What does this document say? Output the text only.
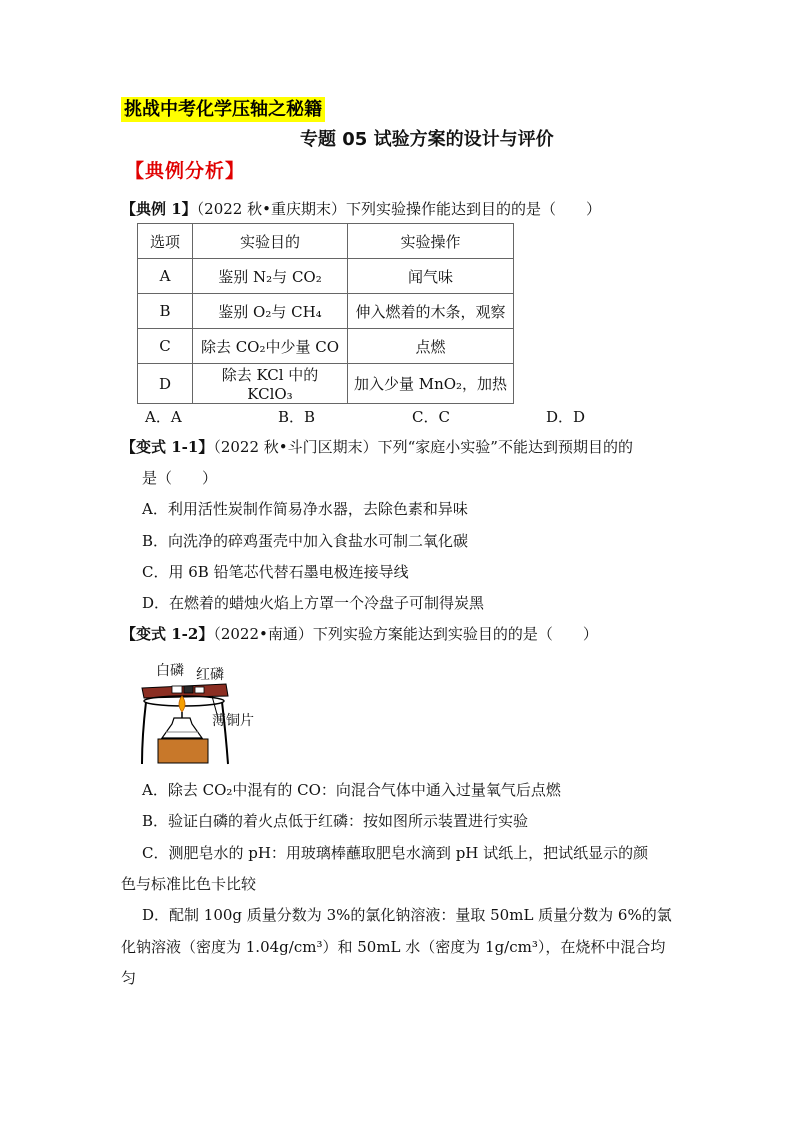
挑战中考化学压轴之秘籍
专题 05 试验方案的设计与评价
【典例分析】
【典例 1】（2022 秋•重庆期末）下列实验操作能达到目的的是（　　）
选项	实验目的	实验操作
A	鉴别 N₂与 CO₂	闻气味
B	鉴别 O₂与 CH₄	伸入燃着的木条，观察
C	除去 CO₂中少量 CO	点燃
D	除去 KCl 中的 KClO₃	加入少量 MnO₂，加热
A．A	B．B	C．C	D．D
【变式 1-1】（2022 秋•斗门区期末）下列“家庭小实验”不能达到预期目的的
是（　　）
A．利用活性炭制作简易净水器，去除色素和异味
B．向洗净的碎鸡蛋壳中加入食盐水可制二氧化碳
C．用 6B 铅笔芯代替石墨电极连接导线
D．在燃着的蜡烛火焰上方罩一个冷盘子可制得炭黑
【变式 1-2】（2022•南通）下列实验方案能达到实验目的的是（　　）
白磷 红磷
薄铜片
A．除去 CO₂中混有的 CO：向混合气体中通入过量氧气后点燃
B．验证白磷的着火点低于红磷：按如图所示装置进行实验
C．测肥皂水的 pH：用玻璃棒蘸取肥皂水滴到 pH 试纸上，把试纸显示的颜
色与标准比色卡比较
D．配制 100g 质量分数为 3%的氯化钠溶液：量取 50mL 质量分数为 6%的氯
化钠溶液（密度为 1.04g/cm³）和 50mL 水（密度为 1g/cm³），在烧杯中混合均
匀
